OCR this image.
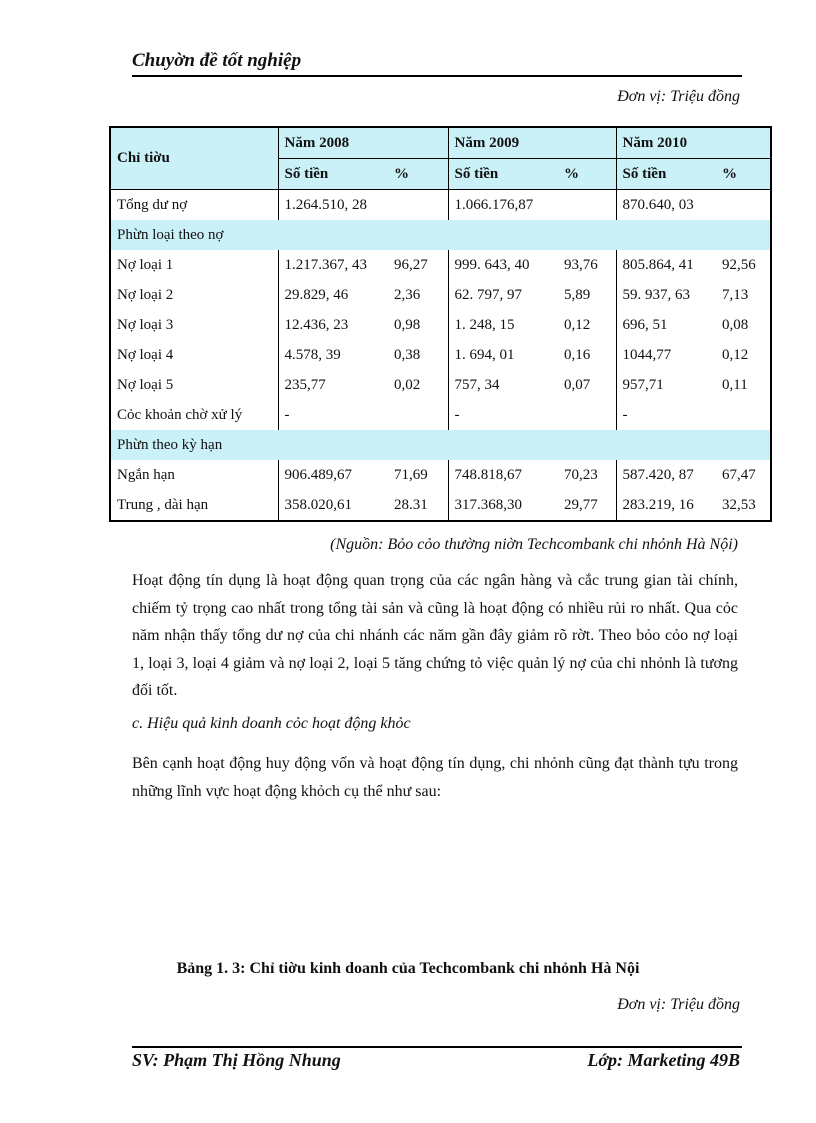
Chuyờn đề tốt nghiệp
Đơn vị: Triệu đồng
Chỉ tiờu	Năm 2008		Năm 2009		Năm 2010	
	Số tiền	%	Số tiền	%	Số tiền	%
Tổng dư nợ	1.264.510, 28		1.066.176,87		870.640, 03	
Phừn loại theo nợ						
Nợ loại 1	1.217.367, 43	96,27	999. 643, 40	93,76	805.864, 41	92,56
Nợ loại 2	29.829, 46	2,36	62. 797, 97	5,89	59. 937, 63	7,13
Nợ loại 3	12.436, 23	0,98	1. 248, 15	0,12	696, 51	0,08
Nợ loại 4	4.578, 39	0,38	1. 694, 01	0,16	1044,77	0,12
Nợ loại 5	235,77	0,02	757, 34	0,07	957,71	0,11
Cỏc khoản chờ xử lý	-		-		-	
Phừn theo kỳ hạn						
Ngắn hạn	906.489,67	71,69	748.818,67	70,23	587.420, 87	67,47
Trung , dài hạn	358.020,61	28.31	317.368,30	29,77	283.219, 16	32,53
(Nguồn: Bỏo cỏo thường niờn Techcombank chi nhỏnh Hà Nội)

Hoạt động tín dụng là hoạt động quan trọng của các ngân hàng và cắc trung gian tài chính, chiếm tỷ trọng cao nhất trong tổng tài sản và cũng là hoạt động có nhiều rủi ro nhất. Qua cỏc năm nhận thấy tổng dư nợ của chi nhánh các năm gần đây giảm rõ rờt. Theo bỏo cỏo nợ loại 1, loại 3, loại 4 giảm và nợ loại 2, loại 5 tăng chứng tỏ việc quản lý nợ của chi nhỏnh là tương đối tốt.

c. Hiệu quả kinh doanh cỏc hoạt động khỏc

Bên cạnh hoạt động huy động vốn và hoạt động tín dụng, chi nhỏnh cũng đạt thành tựu trong những lĩnh vực hoạt động khỏch cụ thể như sau:

Bảng 1. 3: Chỉ tiờu kinh doanh của Techcombank chi nhỏnh Hà Nội
Đơn vị: Triệu đồng
SV: Phạm Thị Hồng Nhung	Lớp: Marketing 49B
